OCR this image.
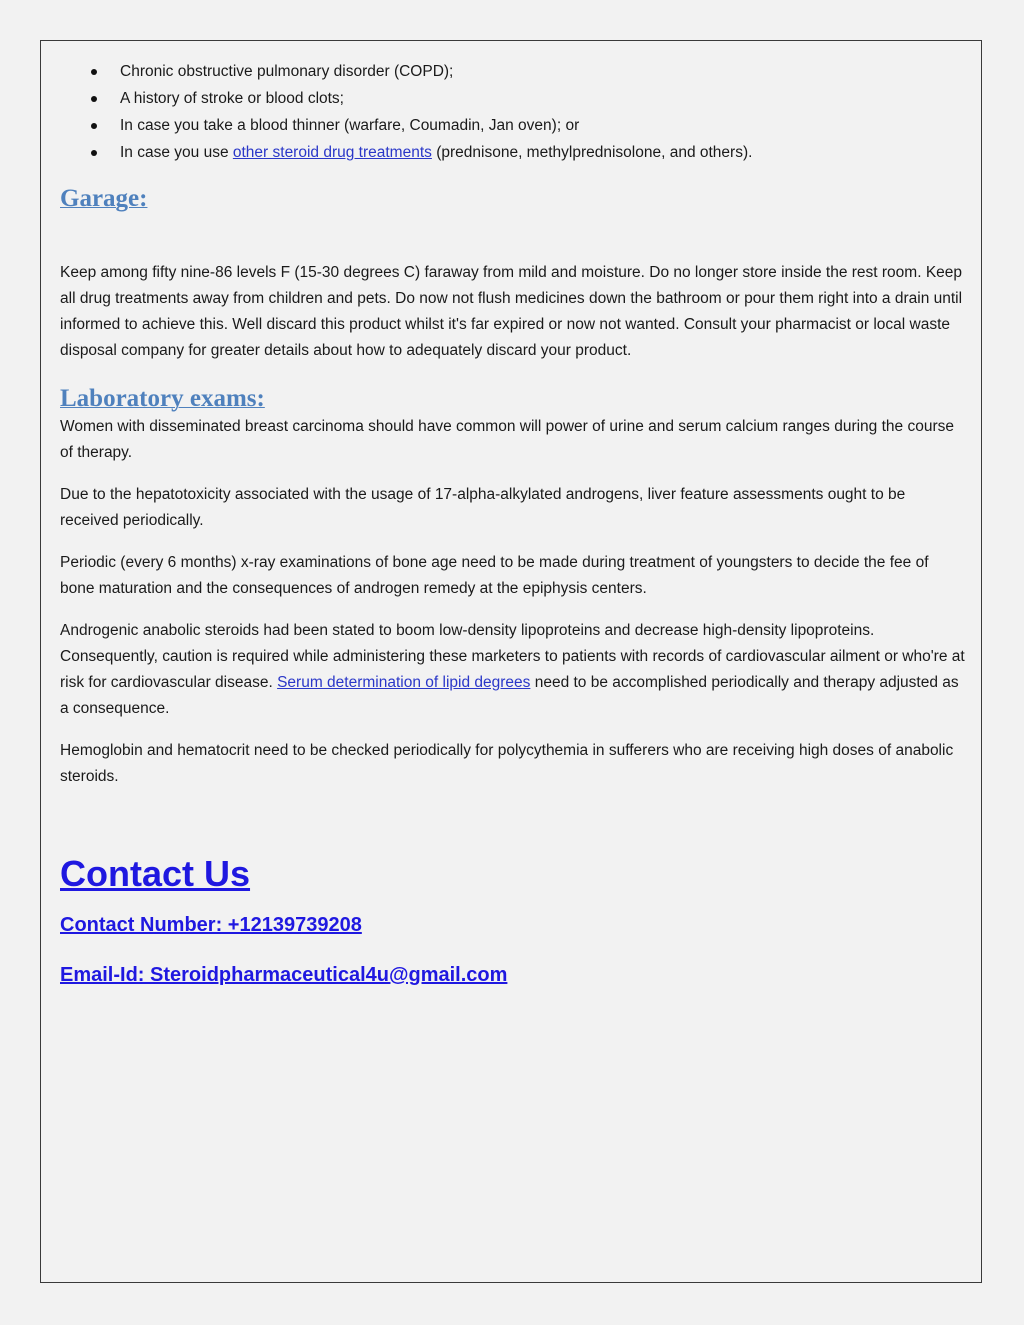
Chronic obstructive pulmonary disorder (COPD);
A history of stroke or blood clots;
In case you take a blood thinner (warfare, Coumadin, Jan oven); or
In case you use other steroid drug treatments (prednisone, methylprednisolone, and others).
Garage:

Keep among fifty nine-86 levels F (15-30 degrees C) faraway from mild and moisture. Do no longer store inside the rest room. Keep all drug treatments away from children and pets. Do now not flush medicines down the bathroom or pour them right into a drain until informed to achieve this. Well discard this product whilst it's far expired or now not wanted. Consult your pharmacist or local waste disposal company for greater details about how to adequately discard your product.

Laboratory exams:

Women with disseminated breast carcinoma should have common will power of urine and serum calcium ranges during the course of therapy.

Due to the hepatotoxicity associated with the usage of 17-alpha-alkylated androgens, liver feature assessments ought to be received periodically.

Periodic (every 6 months) x-ray examinations of bone age need to be made during treatment of youngsters to decide the fee of bone maturation and the consequences of androgen remedy at the epiphysis centers.

Androgenic anabolic steroids had been stated to boom low-density lipoproteins and decrease high-density lipoproteins. Consequently, caution is required while administering these marketers to patients with records of cardiovascular ailment or who're at risk for cardiovascular disease. Serum determination of lipid degrees need to be accomplished periodically and therapy adjusted as a consequence.

Hemoglobin and hematocrit need to be checked periodically for polycythemia in sufferers who are receiving high doses of anabolic steroids.

Contact Us
Contact Number: +12139739208
Email-Id: Steroidpharmaceutical4u@gmail.com
